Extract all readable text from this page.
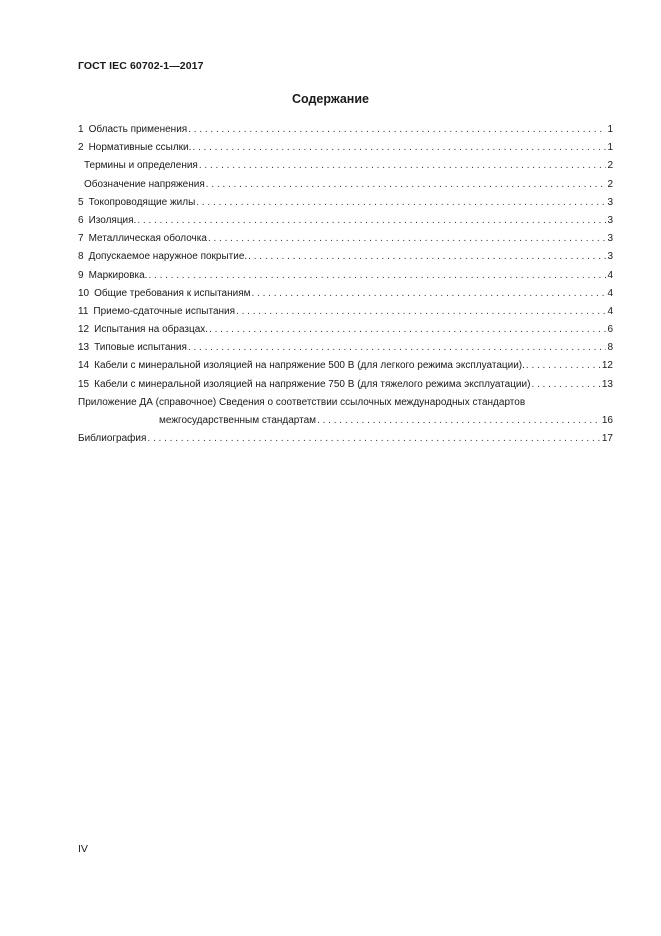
ГОСТ IEC 60702-1—2017
Содержание
1 Область применения . . .	1
2 Нормативные ссылки. . . .	1
Термины и определения . . .	2
Обозначение напряжения . . .	2
5 Токопроводящие жилы . . .	3
6 Изоляция. . . .	3
7 Металлическая оболочка . . .	3
8 Допускаемое наружное покрытие. . . .	3
9 Маркировка. . . .	4
10 Общие требования к испытаниям . . .	4
11 Приемо-сдаточные испытания . . .	4
12 Испытания на образцах. . . .	6
13 Типовые испытания . . .	8
14 Кабели с минеральной изоляцией на напряжение 500 В (для легкого режима эксплуатации). . . .	12
15 Кабели с минеральной изоляцией на напряжение 750 В (для тяжелого режима эксплуатации) . . .	13
Приложение ДА (справочное) Сведения о соответствии ссылочных международных стандартов
межгосударственным стандартам . . .	16
Библиография . . .	17
IV
